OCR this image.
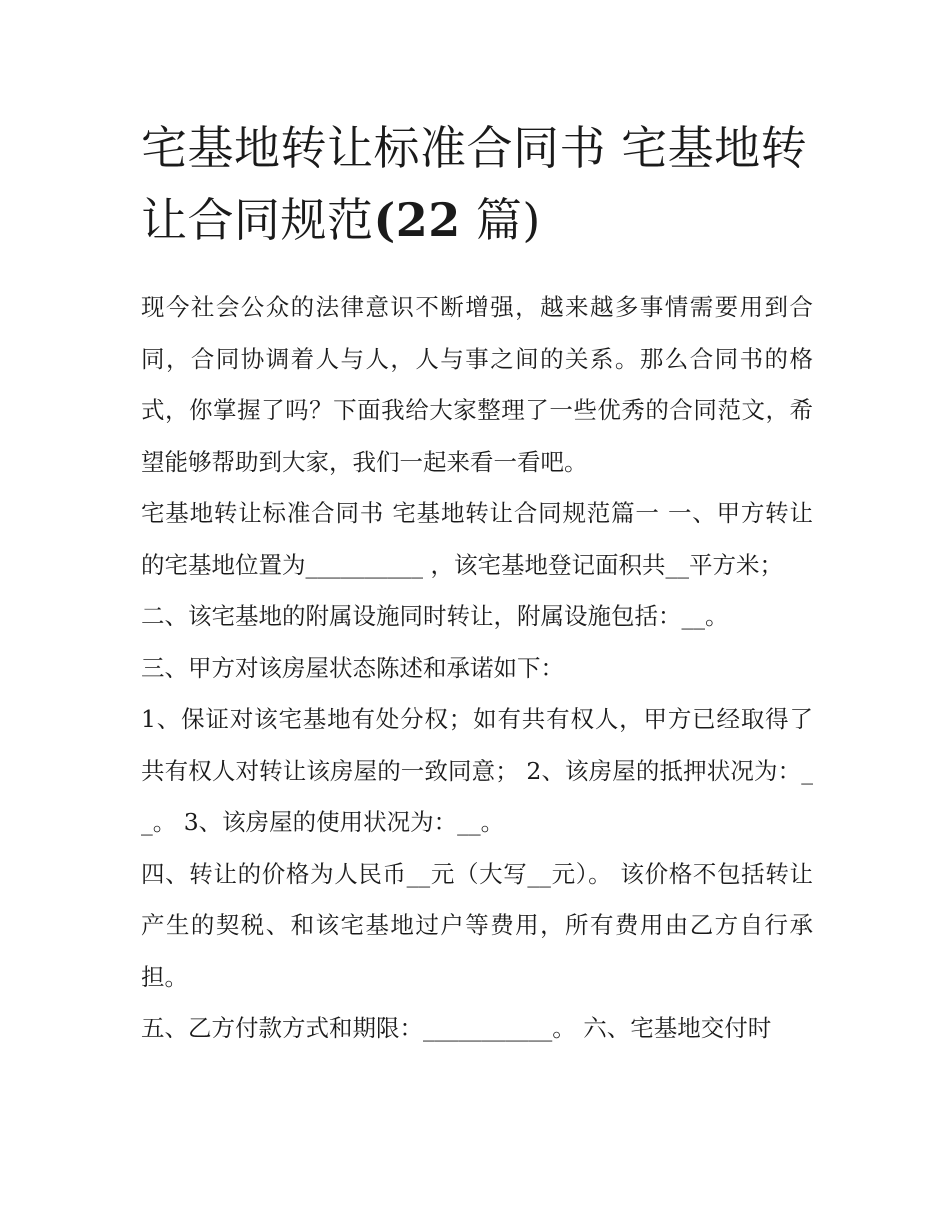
宅基地转让标准合同书 宅基地转让合同规范(22 篇)

现今社会公众的法律意识不断增强，越来越多事情需要用到合同，合同协调着人与人，人与事之间的关系。那么合同书的格式，你掌握了吗？下面我给大家整理了一些优秀的合同范文，希望能够帮助到大家，我们一起来看一看吧。

宅基地转让标准合同书 宅基地转让合同规范篇一 一、甲方转让的宅基地位置为__________ ，该宅基地登记面积共__平方米；

二、该宅基地的附属设施同时转让，附属设施包括：__。

三、甲方对该房屋状态陈述和承诺如下：

1、保证对该宅基地有处分权；如有共有权人，甲方已经取得了共有权人对转让该房屋的一致同意； 2、该房屋的抵押状况为：__。 3、该房屋的使用状况为：__。

四、转让的价格为人民币__元（大写__元）。 该价格不包括转让产生的契税、和该宅基地过户等费用，所有费用由乙方自行承担。

五、乙方付款方式和期限：___________。 六、宅基地交付时
